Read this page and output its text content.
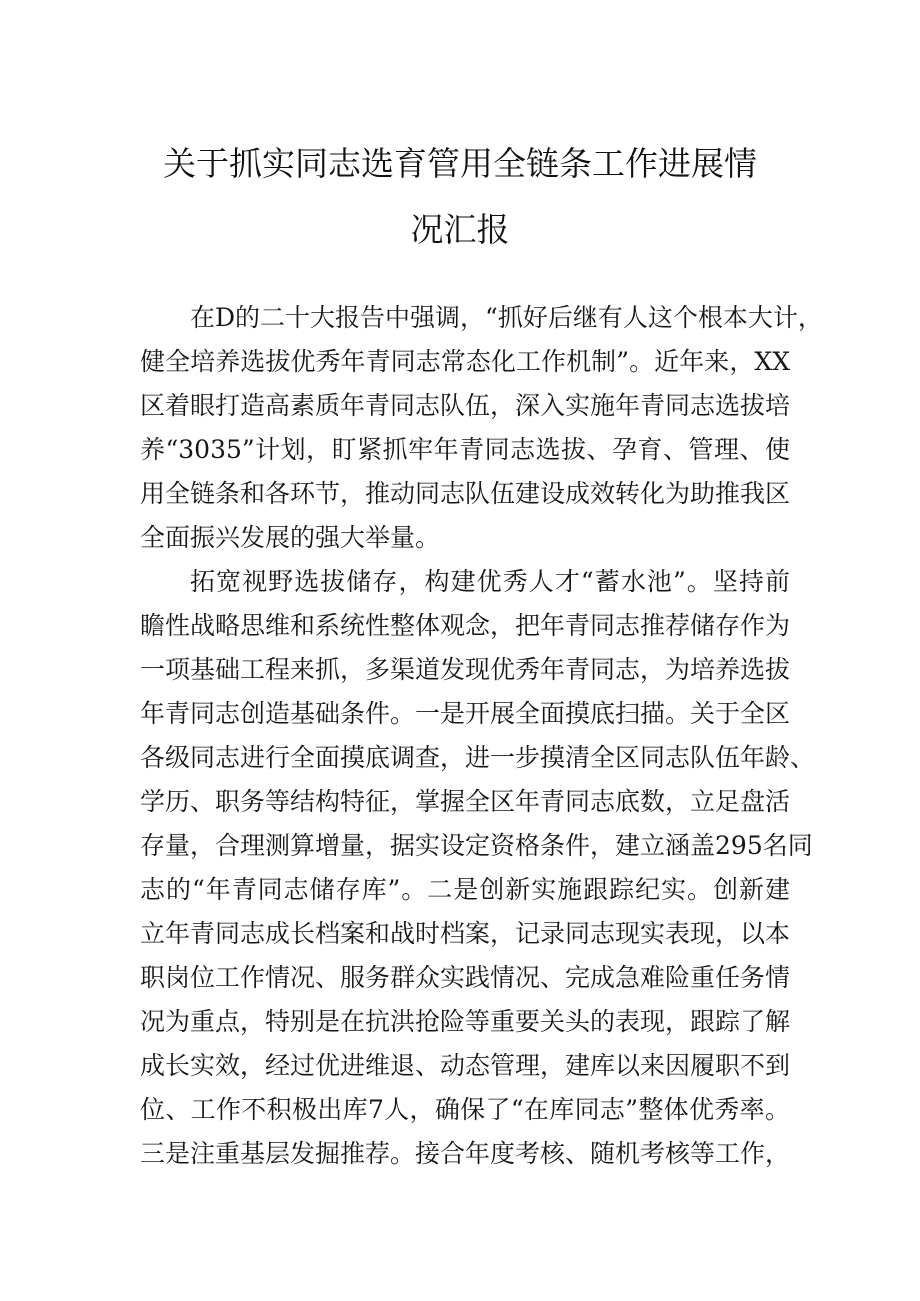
关于抓实同志选育管用全链条工作进展情
况汇报

在D的二十大报告中强调，“抓好后继有人这个根本大计，

健全培养选拔优秀年青同志常态化工作机制”。近年来，XX

区着眼打造高素质年青同志队伍，深入实施年青同志选拔培

养“3035”计划，盯紧抓牢年青同志选拔、孕育、管理、使

用全链条和各环节，推动同志队伍建设成效转化为助推我区

全面振兴发展的强大举量。

拓宽视野选拔储存，构建优秀人才“蓄水池”。坚持前

瞻性战略思维和系统性整体观念，把年青同志推荐储存作为

一项基础工程来抓，多渠道发现优秀年青同志，为培养选拔

年青同志创造基础条件。一是开展全面摸底扫描。关于全区

各级同志进行全面摸底调查，进一步摸清全区同志队伍年龄、

学历、职务等结构特征，掌握全区年青同志底数，立足盘活

存量，合理测算增量，据实设定资格条件，建立涵盖295名同

志的“年青同志储存库”。二是创新实施跟踪纪实。创新建

立年青同志成长档案和战时档案，记录同志现实表现，以本

职岗位工作情况、服务群众实践情况、完成急难险重任务情

况为重点，特别是在抗洪抢险等重要关头的表现，跟踪了解

成长实效，经过优进维退、动态管理，建库以来因履职不到

位、工作不积极出库7人，确保了“在库同志”整体优秀率。

三是注重基层发掘推荐。接合年度考核、随机考核等工作，
